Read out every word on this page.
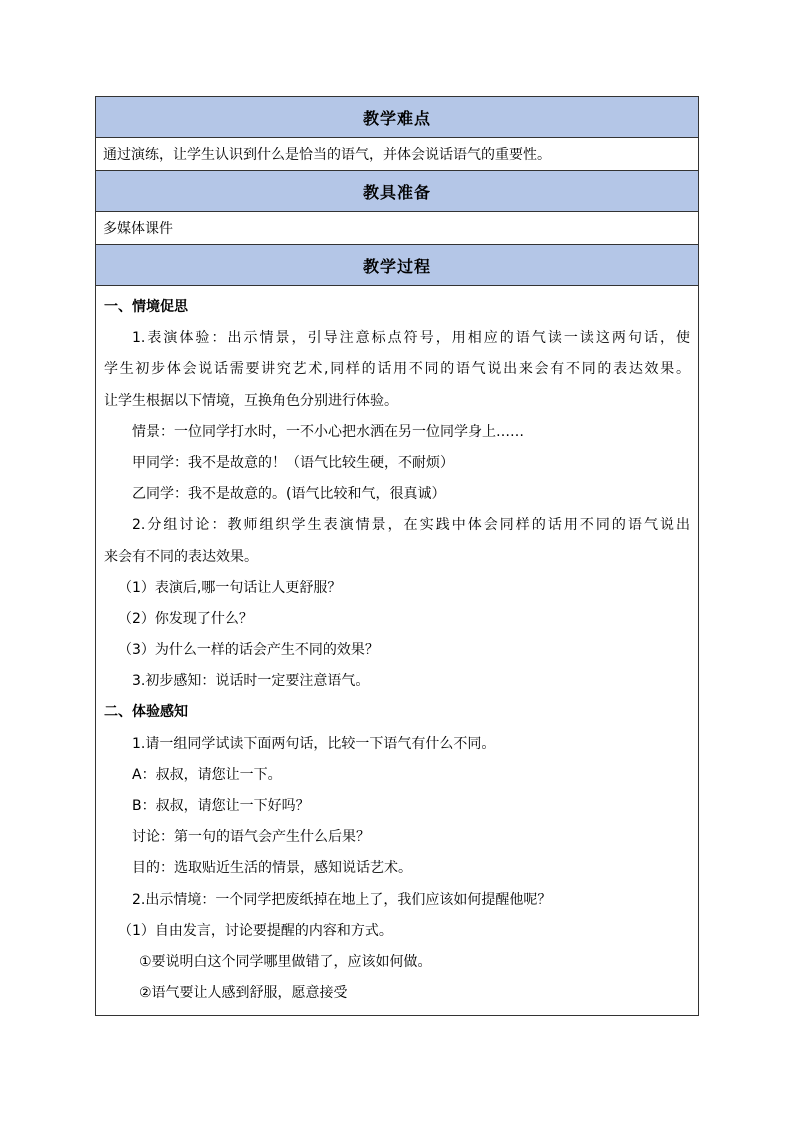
教学难点
通过演练，让学生认识到什么是恰当的语气，并体会说话语气的重要性。
教具准备
多媒体课件
教学过程
一、情境促思
1.表演体验：出示情景，引导注意标点符号，用相应的语气读一读这两句话，使
学生初步体会说话需要讲究艺术,同样的话用不同的语气说出来会有不同的表达效果。
让学生根据以下情境，互换角色分别进行体验。
情景：一位同学打水时，一不小心把水洒在另一位同学身上……
甲同学：我不是故意的！（语气比较生硬，不耐烦）
乙同学：我不是故意的。(语气比较和气，很真诚）
2.分组讨论：教师组织学生表演情景，在实践中体会同样的话用不同的语气说出
来会有不同的表达效果。
（1）表演后,哪一句话让人更舒服？
（2）你发现了什么？
（3）为什么一样的话会产生不同的效果？
3.初步感知：说话时一定要注意语气。
二、体验感知
1.请一组同学试读下面两句话，比较一下语气有什么不同。
A：叔叔，请您让一下。
B：叔叔，请您让一下好吗？
讨论：第一句的语气会产生什么后果？
目的：选取贴近生活的情景，感知说话艺术。
2.出示情境：一个同学把废纸掉在地上了，我们应该如何提醒他呢？
（1）自由发言，讨论要提醒的内容和方式。
①要说明白这个同学哪里做错了，应该如何做。
②语气要让人感到舒服，愿意接受
